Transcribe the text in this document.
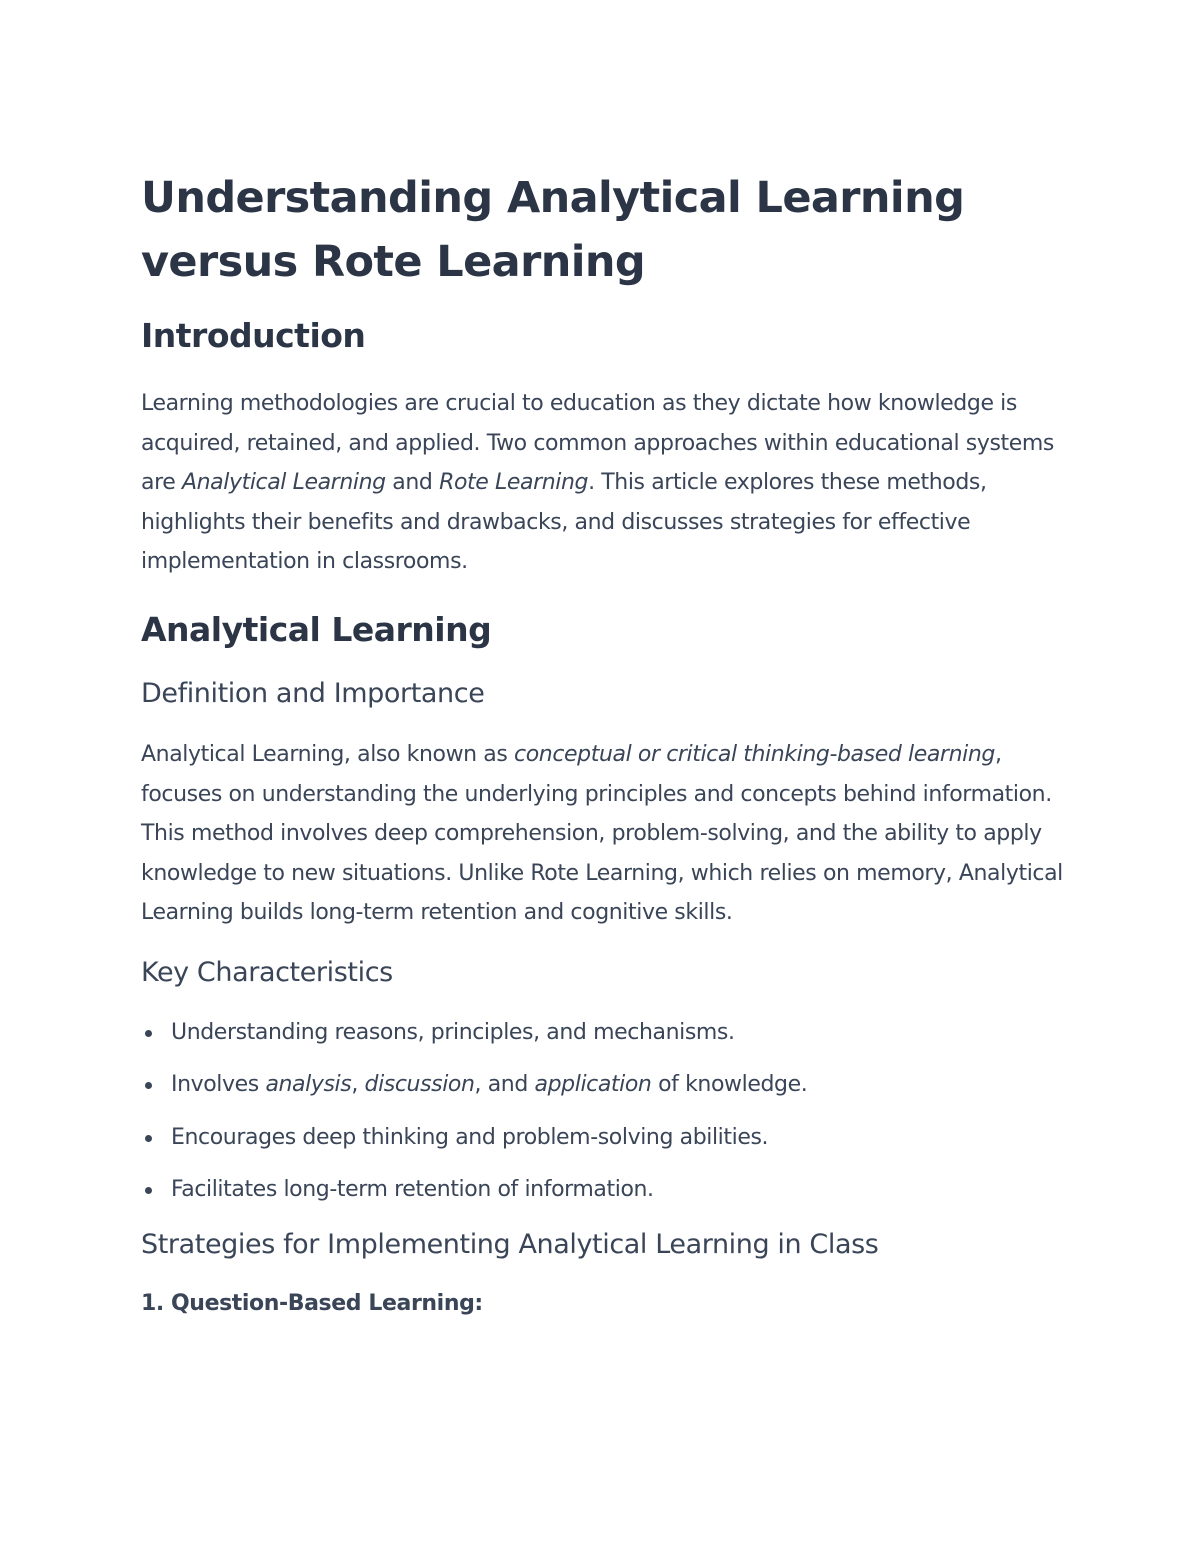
Understanding Analytical Learning
versus Rote Learning
Introduction

Learning methodologies are crucial to education as they dictate how knowledge is acquired, retained, and applied. Two common approaches within educational systems are Analytical Learning and Rote Learning. This article explores these methods, highlights their benefits and drawbacks, and discusses strategies for effective implementation in classrooms.

Analytical Learning
Definition and Importance

Analytical Learning, also known as conceptual or critical thinking-based learning, focuses on understanding the underlying principles and concepts behind information. This method involves deep comprehension, problem-solving, and the ability to apply knowledge to new situations. Unlike Rote Learning, which relies on memory, Analytical Learning builds long-term retention and cognitive skills.

Key Characteristics
Understanding reasons, principles, and mechanisms.
Involves analysis, discussion, and application of knowledge.
Encourages deep thinking and problem-solving abilities.
Facilitates long-term retention of information.
Strategies for Implementing Analytical Learning in Class
1. Question-Based Learning:
